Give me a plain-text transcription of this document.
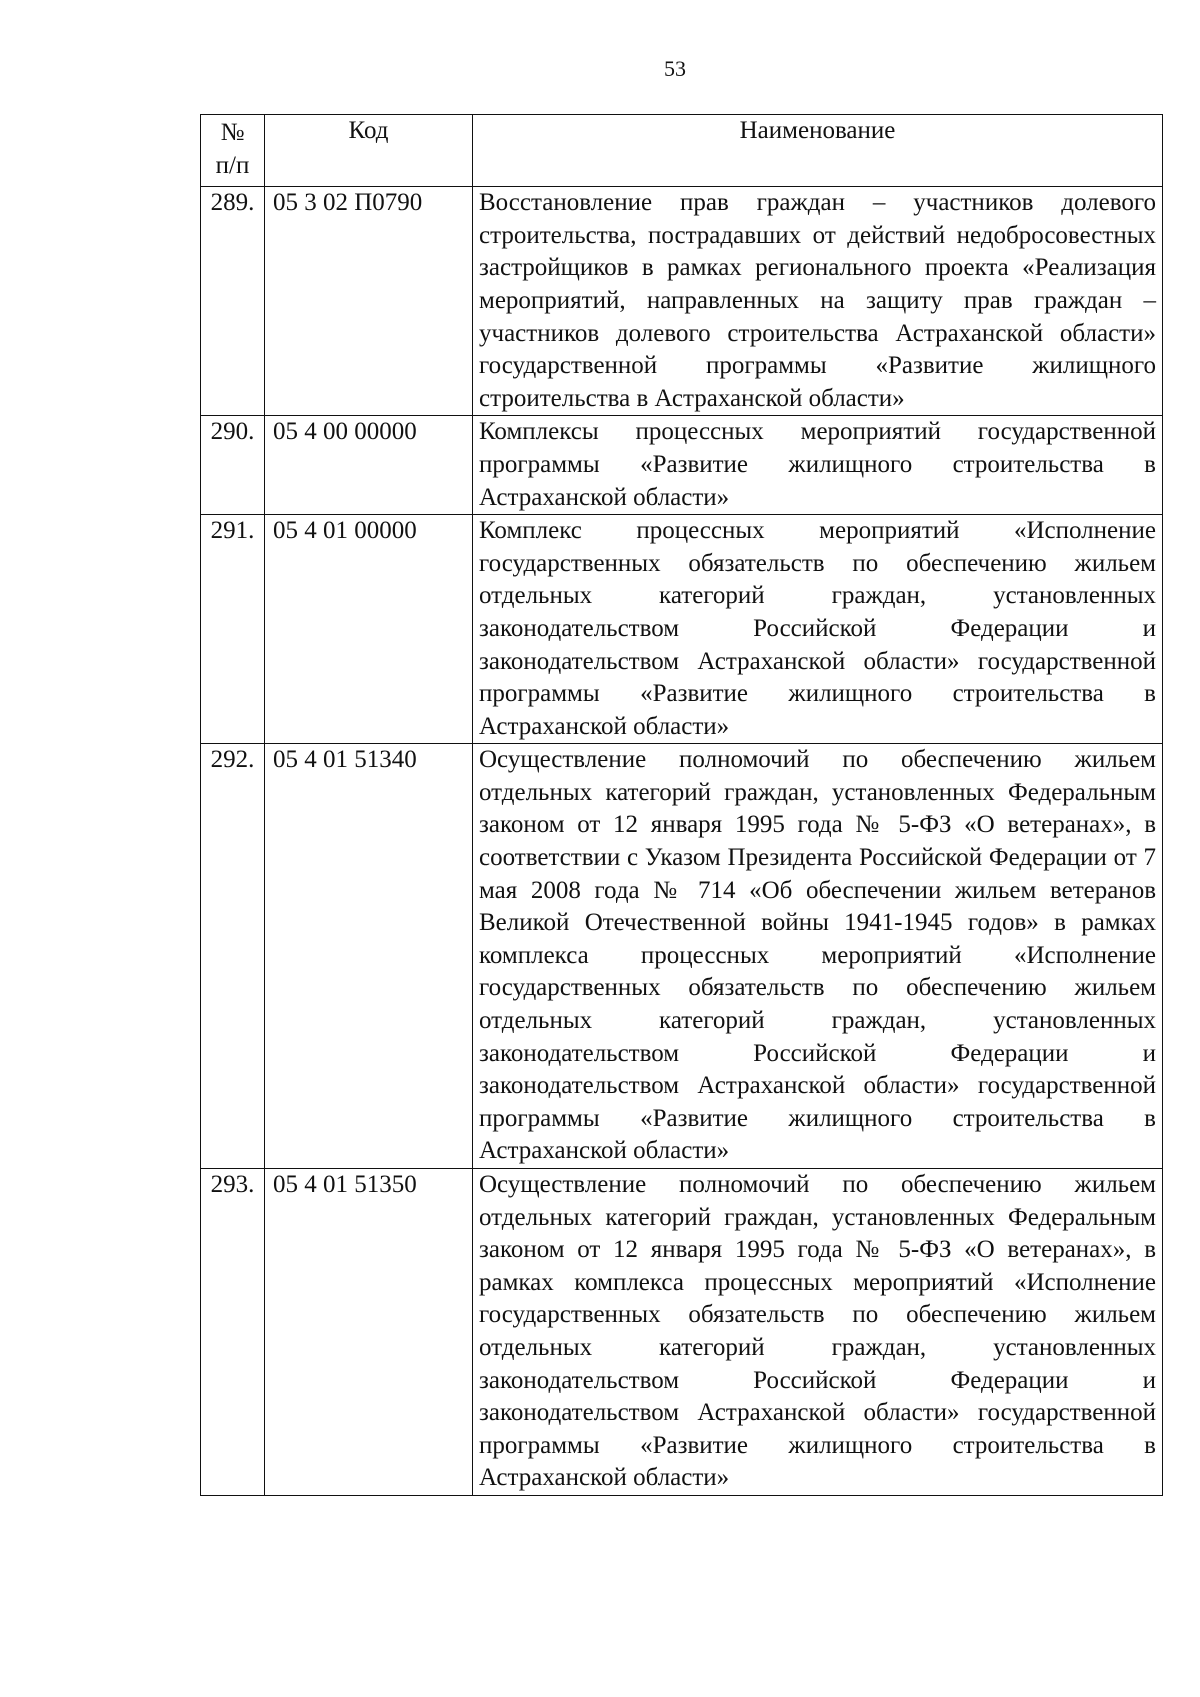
53
№
п/п	Код	Наименование
289.	05 3 02 П0790	Восстановление прав граждан – участников долевого строительства, пострадавших от действий недобросовестных застройщиков в рамках регионального проекта «Реализация мероприятий, направленных на защиту прав граждан – участников долевого строительства Астраханской области» государственной программы «Развитие жилищного строительства в Астраханской области»
290.	05 4 00 00000	Комплексы процессных мероприятий государственной программы «Развитие жилищного строительства в Астраханской области»
291.	05 4 01 00000	Комплекс процессных мероприятий «Исполнение государственных обязательств по обеспечению жильем отдельных категорий граждан, установленных законодательством Российской Федерации и законодательством Астраханской области» государственной программы «Развитие жилищного строительства в Астраханской области»
292.	05 4 01 51340	Осуществление полномочий по обеспечению жильем отдельных категорий граждан, установленных Федеральным законом от 12 января 1995 года № 5-ФЗ «О ветеранах», в соответствии с Указом Президента Российской Федерации от 7 мая 2008 года № 714 «Об обеспечении жильем ветеранов Великой Отечественной войны 1941-1945 годов» в рамках комплекса процессных мероприятий «Исполнение государственных обязательств по обеспечению жильем отдельных категорий граждан, установленных законодательством Российской Федерации и законодательством Астраханской области» государственной программы «Развитие жилищного строительства в Астраханской области»
293.	05 4 01 51350	Осуществление полномочий по обеспечению жильем отдельных категорий граждан, установленных Федеральным законом от 12 января 1995 года № 5-ФЗ «О ветеранах», в рамках комплекса процессных мероприятий «Исполнение государственных обязательств по обеспечению жильем отдельных категорий граждан, установленных законодательством Российской Федерации и законодательством Астраханской области» государственной программы «Развитие жилищного строительства в Астраханской области»
